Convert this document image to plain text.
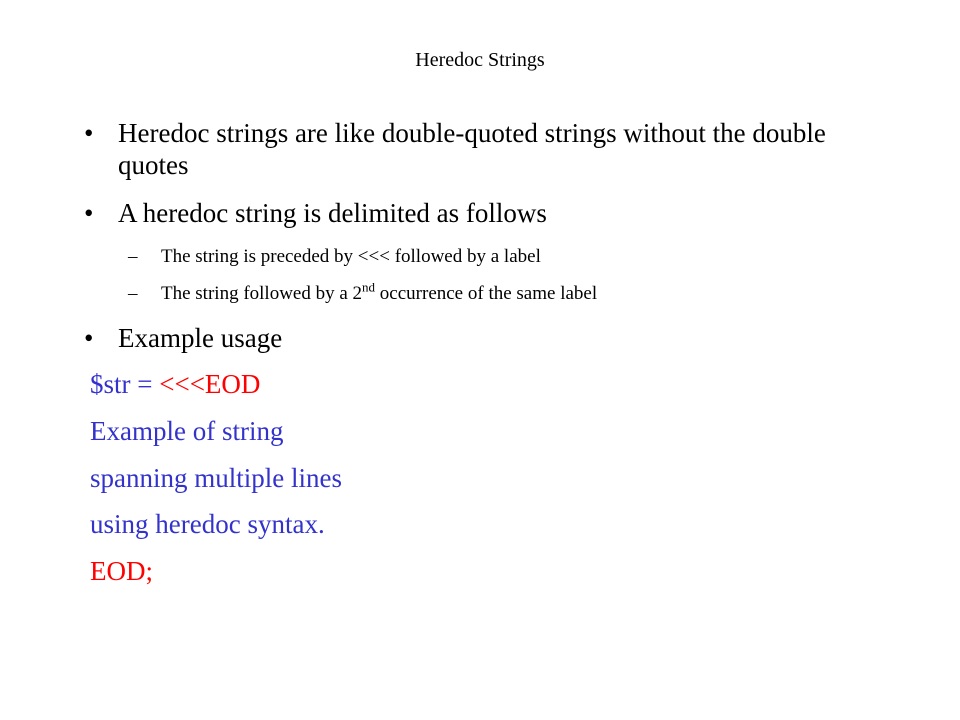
Heredoc Strings
• Heredoc strings are like double-quoted strings without the double quotes
• A heredoc string is delimited as follows
– The string is preceded by <<< followed by a label
– The string followed by a 2nd occurrence of the same label
• Example usage
$str = <<<EOD
Example of string
spanning multiple lines
using heredoc syntax.
EOD;
